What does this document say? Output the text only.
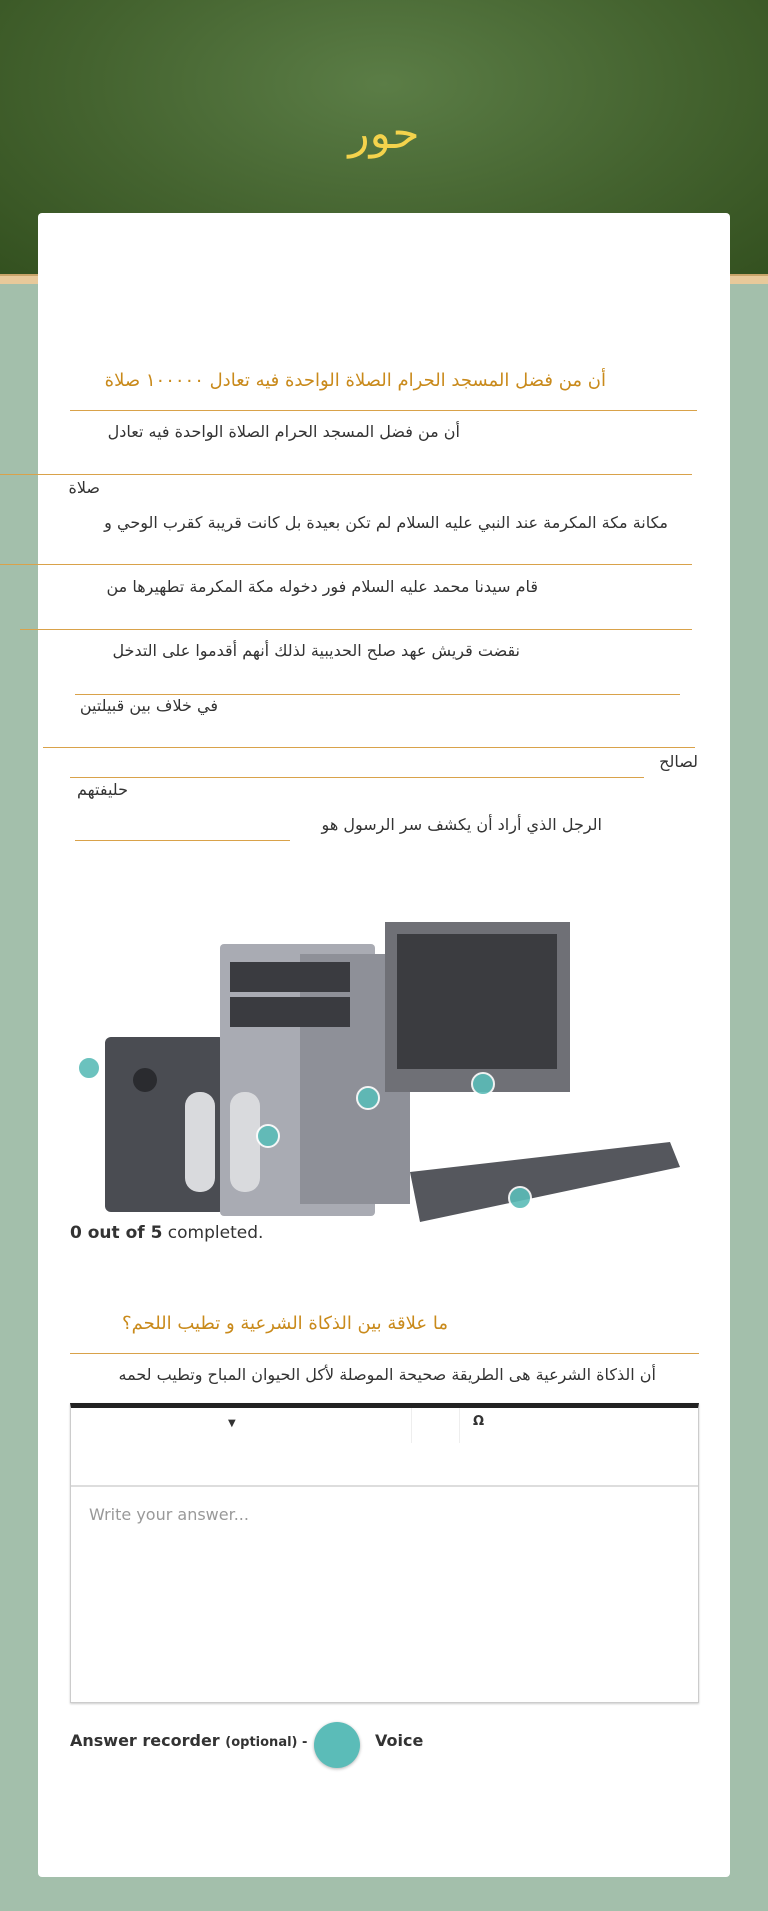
حور
أن من فضل المسجد الحرام الصلاة الواحدة فيه تعادل ١٠٠٠٠٠ صلاة
أن من فضل المسجد الحرام الصلاة الواحدة فيه تعادل
صلاة
مكانة مكة المكرمة عند النبي عليه السلام لم تكن بعيدة بل كانت قريبة كقرب الوحي و
قام سيدنا محمد عليه السلام فور دخوله مكة المكرمة تطهيرها من
نقضت قريش عهد صلح الحديبية لذلك أنهم أقدموا على التدخل
في خلاف بين قبيلتين
لصالح
حليفتهم
الرجل الذي أراد أن يكشف سر الرسول هو
0 out of 5 completed.
ما علاقة بين الذكاة الشرعية و تطيب اللحم؟
أن الذكاة الشرعية هى الطريقة صحيحة الموصلة لأكل الحيوان المباح وتطيب لحمه
▼	Ω
Write your answer...
Answer recorder (optional) -	Voice
